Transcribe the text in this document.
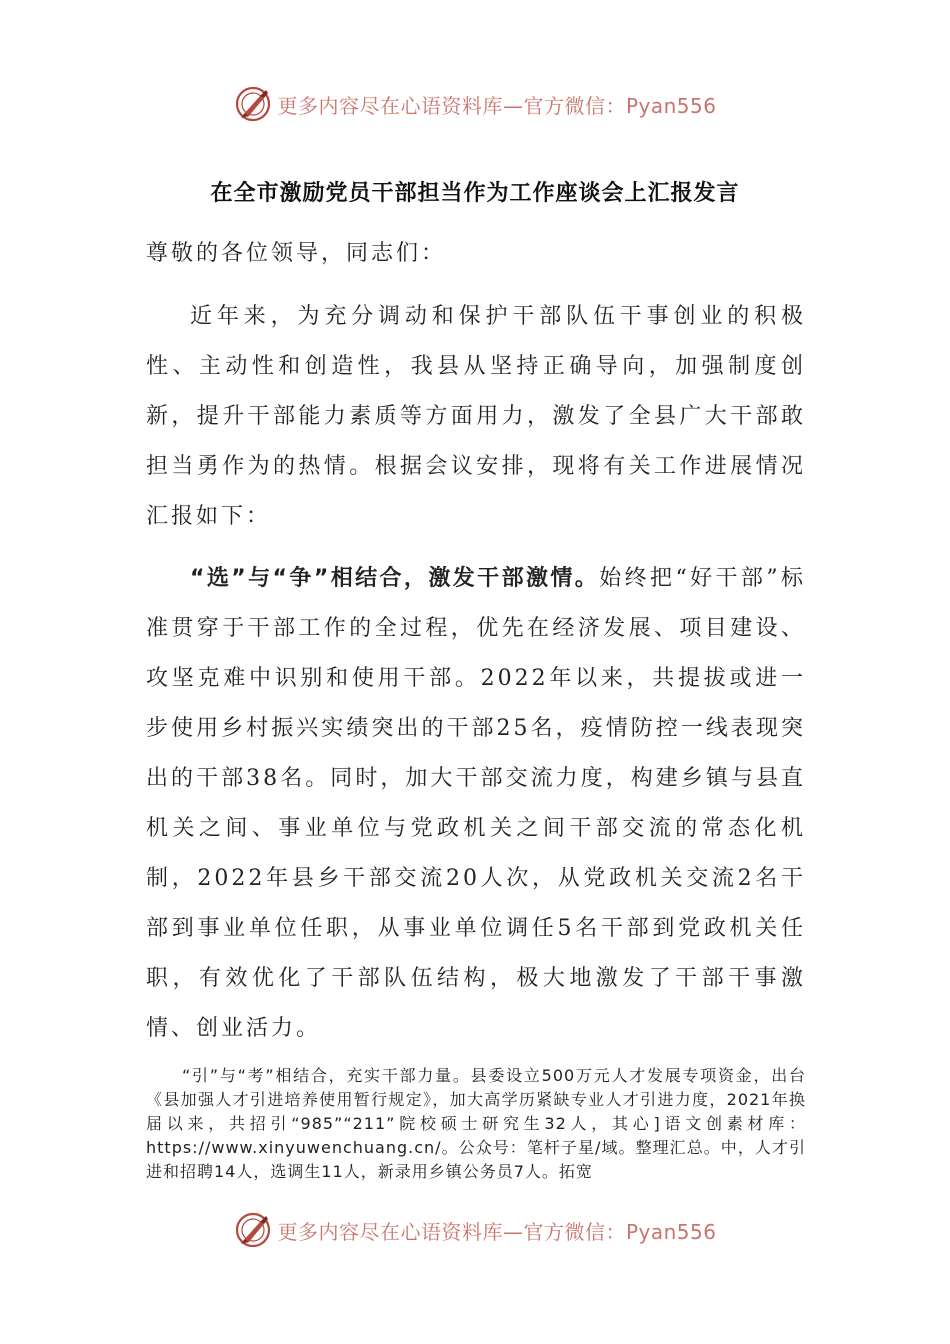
更多内容尽在心语资料库—官方微信：Pyan556
在全市激励党员干部担当作为工作座谈会上汇报发言
尊敬的各位领导，同志们：

近年来，为充分调动和保护干部队伍干事创业的积极性、主动性和创造性，我县从坚持正确导向，加强制度创新，提升干部能力素质等方面用力，激发了全县广大干部敢担当勇作为的热情。根据会议安排，现将有关工作进展情况汇报如下：

“选”与“争”相结合，激发干部激情。始终把“好干部”标准贯穿于干部工作的全过程，优先在经济发展、项目建设、攻坚克难中识别和使用干部。2022年以来，共提拔或进一步使用乡村振兴实绩突出的干部25名，疫情防控一线表现突出的干部38名。同时，加大干部交流力度，构建乡镇与县直机关之间、事业单位与党政机关之间干部交流的常态化机制，2022年县乡干部交流20人次，从党政机关交流2名干部到事业单位任职，从事业单位调任5名干部到党政机关任职，有效优化了干部队伍结构，极大地激发了干部干事激情、创业活力。

“引”与“考”相结合，充实干部力量。县委设立500万元人才发展专项资金，出台《县加强人才引进培养使用暂行规定》，加大高学历紧缺专业人才引进力度，2021年换届以来，共招引“985”“211”院校硕士研究生32人，其心]语文创素材库：https://www.xinyuwenchuang.cn/。公众号：笔杆子星/域。整理汇总。中，人才引进和招聘14人，选调生11人，新录用乡镇公务员7人。拓宽

更多内容尽在心语资料库—官方微信：Pyan556
